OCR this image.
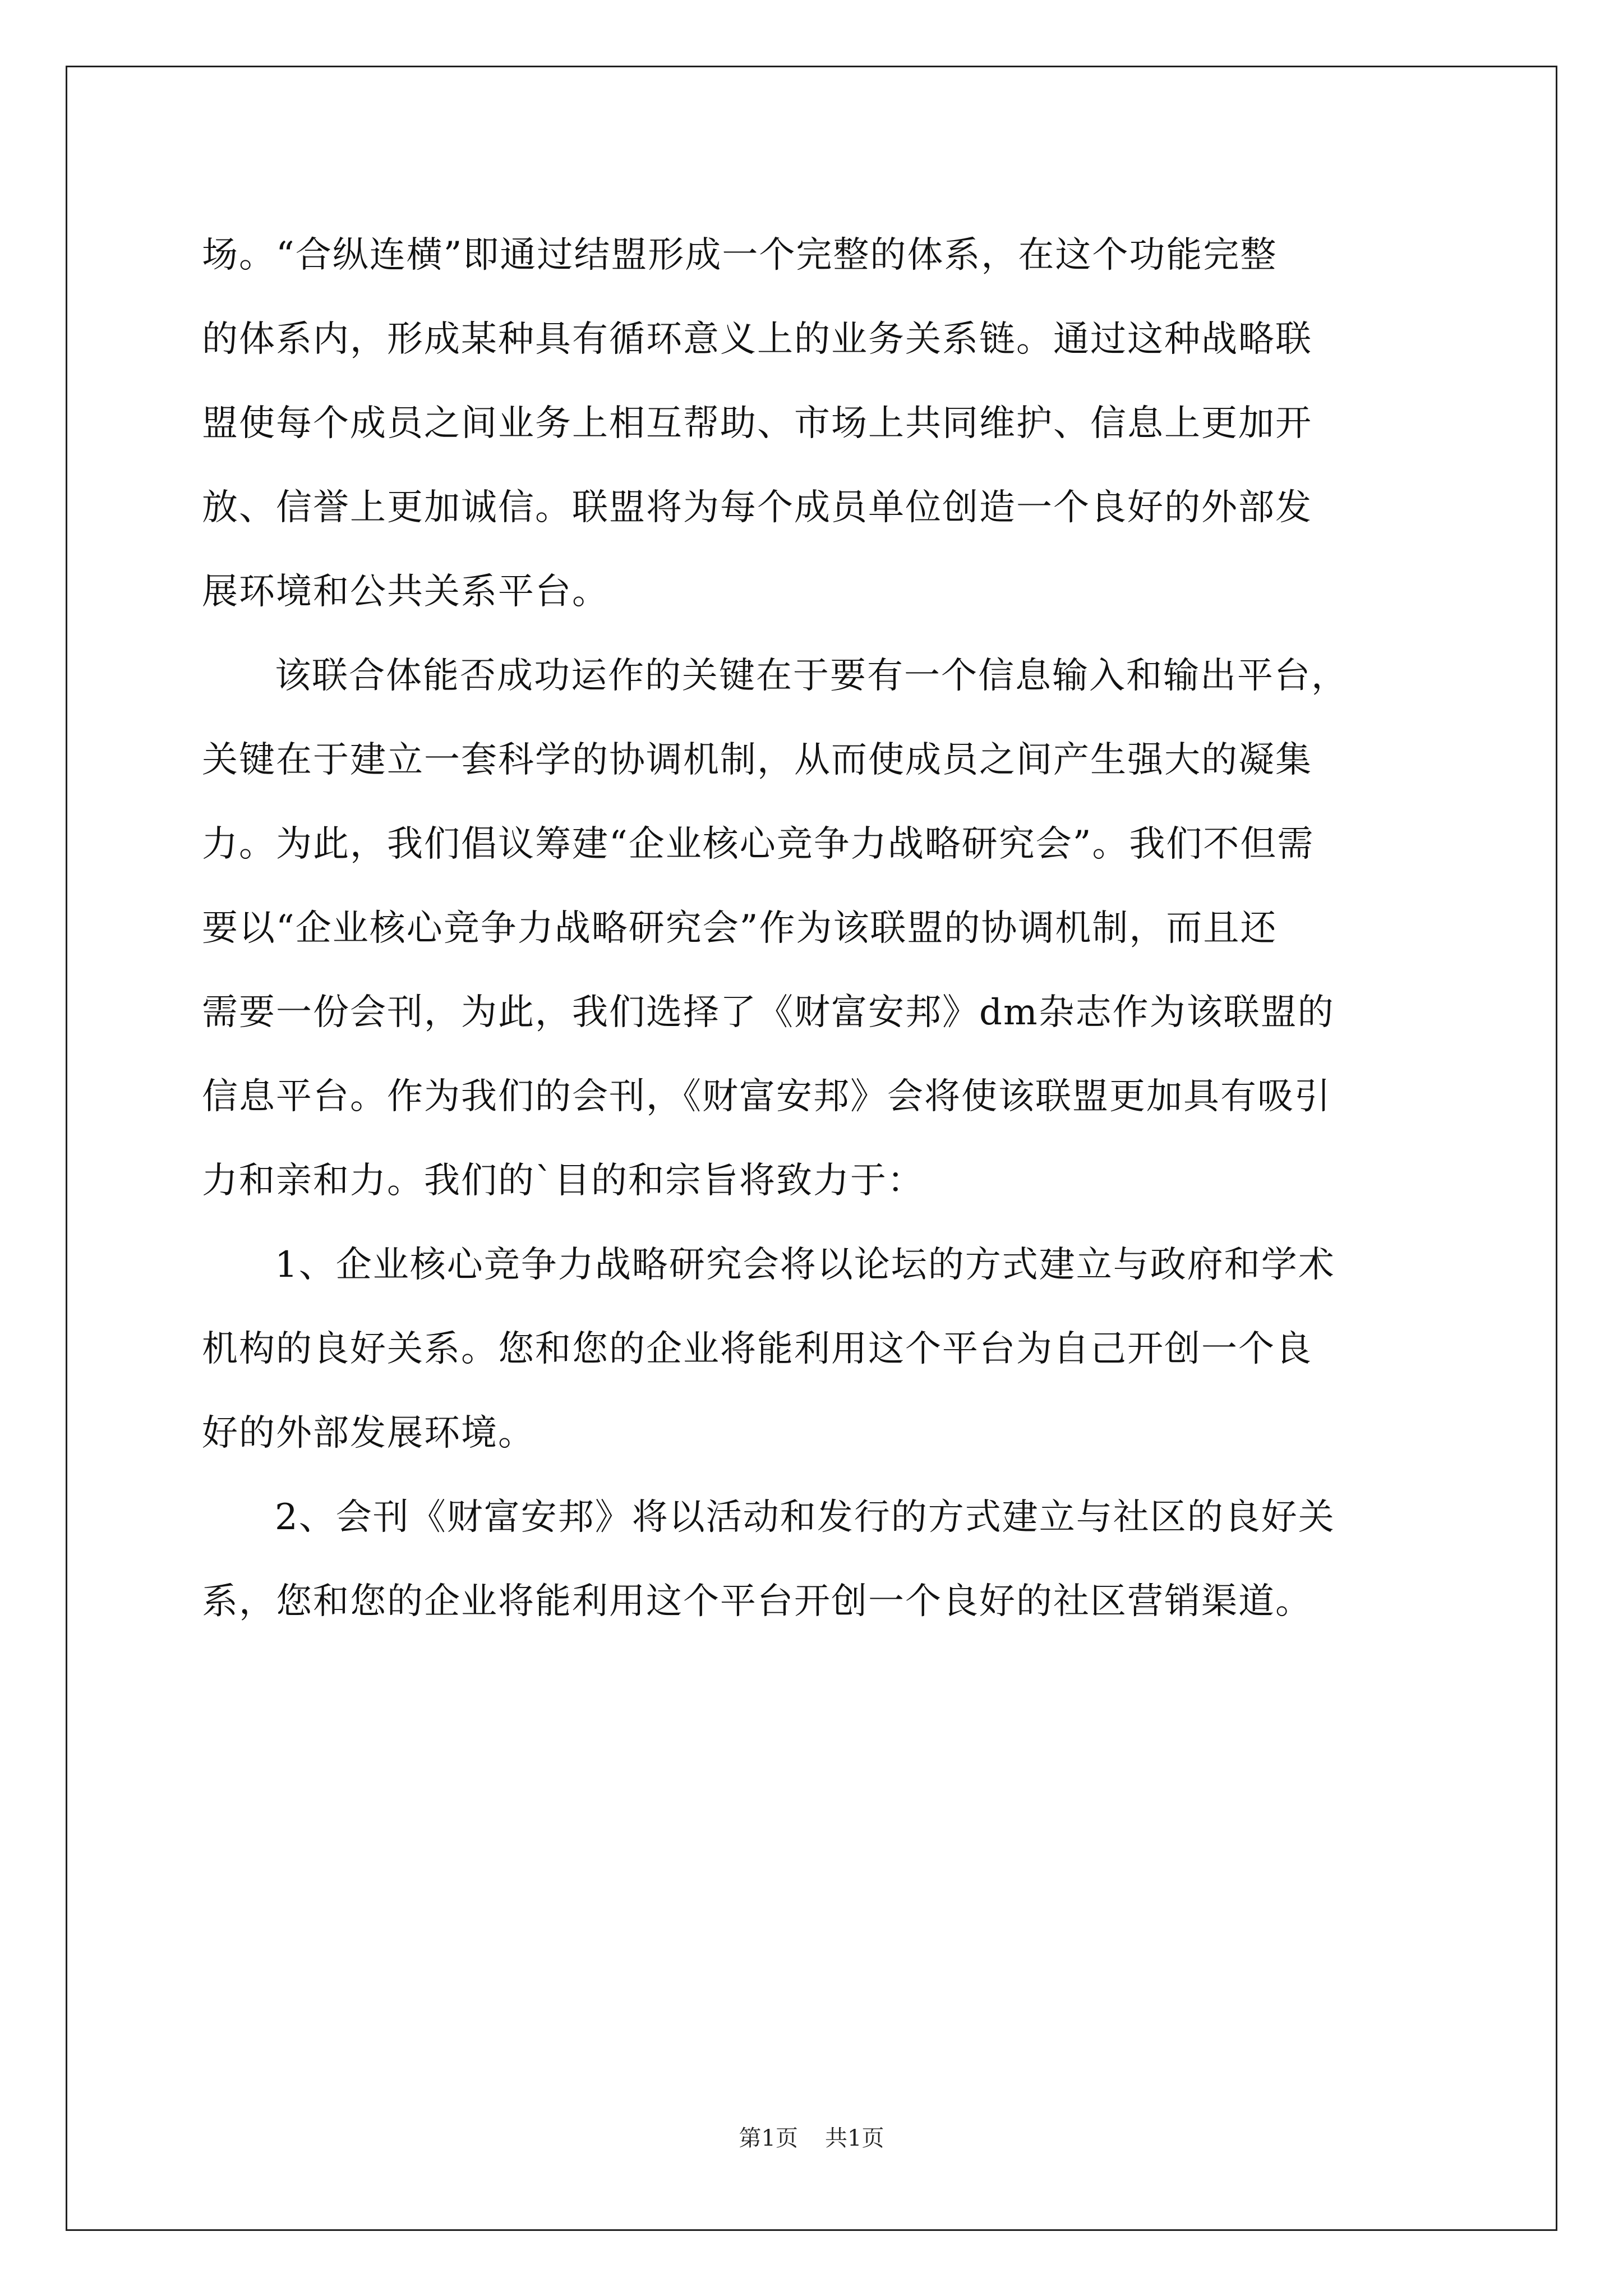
场。“合纵连横”即通过结盟形成一个完整的体系，在这个功能完整
的体系内，形成某种具有循环意义上的业务关系链。通过这种战略联
盟使每个成员之间业务上相互帮助、市场上共同维护、信息上更加开
放、信誉上更加诚信。联盟将为每个成员单位创造一个良好的外部发
展环境和公共关系平台。
该联合体能否成功运作的关键在于要有一个信息输入和输出平台，
关键在于建立一套科学的协调机制，从而使成员之间产生强大的凝集
力。为此，我们倡议筹建“企业核心竞争力战略研究会”。我们不但需
要以“企业核心竞争力战略研究会”作为该联盟的协调机制，而且还
需要一份会刊，为此，我们选择了《财富安邦》dm杂志作为该联盟的
信息平台。作为我们的会刊，《财富安邦》会将使该联盟更加具有吸引
力和亲和力。我们的`目的和宗旨将致力于：
1、企业核心竞争力战略研究会将以论坛的方式建立与政府和学术
机构的良好关系。您和您的企业将能利用这个平台为自己开创一个良
好的外部发展环境。
2、会刊《财富安邦》将以活动和发行的方式建立与社区的良好关
系，您和您的企业将能利用这个平台开创一个良好的社区营销渠道。
第1页 共1页
